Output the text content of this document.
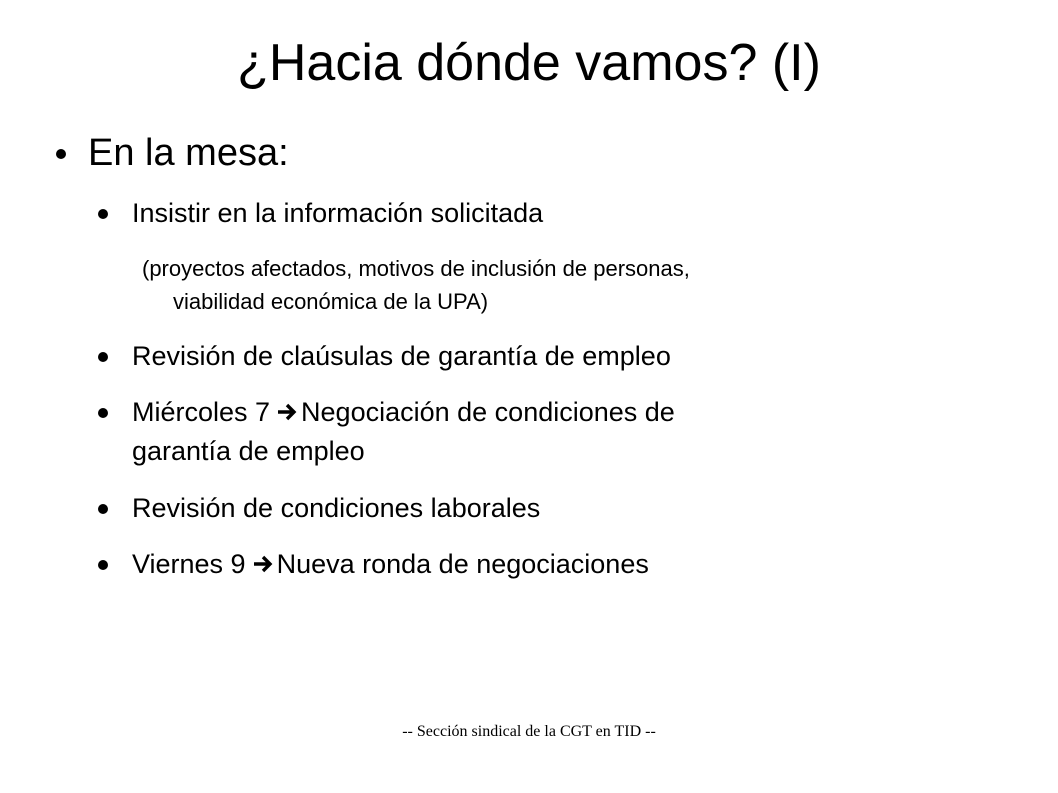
¿Hacia dónde vamos? (I)
En la mesa:
Insistir en la información solicitada
(proyectos afectados, motivos de inclusión de personas,
viabilidad económica de la UPA)
Revisión de claúsulas de garantía de empleo
Miércoles 7 Negociación de condiciones de
garantía de empleo
Revisión de condiciones laborales
Viernes 9 Nueva ronda de negociaciones
-- Sección sindical de la CGT en TID --
